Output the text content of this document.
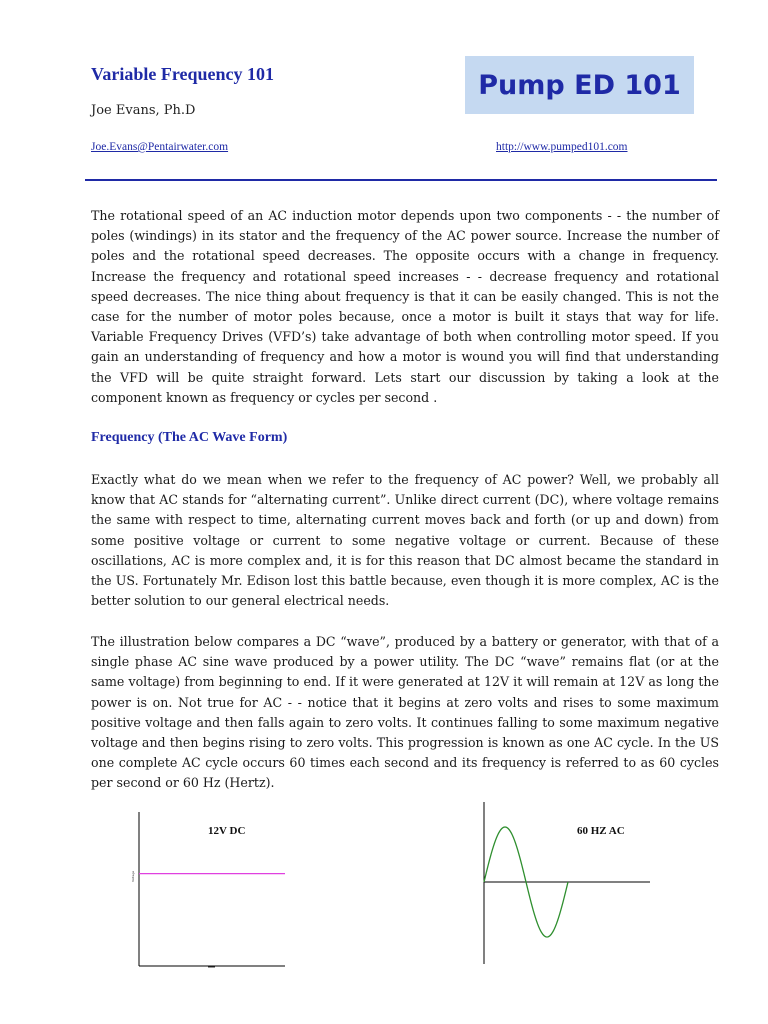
Variable Frequency 101
Joe Evans, Ph.D
Joe.Evans@Pentairwater.com	http://www.pumped101.com
Pump ED 101

The rotational speed of an AC induction motor depends upon two components - - the number of poles (windings) in its stator and the frequency of the AC power source. Increase the number of poles and the rotational speed decreases. The opposite occurs with a change in frequency. Increase the frequency and rotational speed increases - - decrease frequency and rotational speed decreases. The nice thing about frequency is that it can be easily changed. This is not the case for the number of motor poles because, once a motor is built it stays that way for life. Variable Frequency Drives (VFD’s) take advantage of both when controlling motor speed. If you gain an understanding of frequency and how a motor is wound you will find that understanding the VFD will be quite straight forward. Lets start our discussion by taking a look at the component known as frequency or cycles per second .

Frequency (The AC Wave Form)

Exactly what do we mean when we refer to the frequency of AC power? Well, we probably all know that AC stands for “alternating current”. Unlike direct current (DC), where voltage remains the same with respect to time, alternating current moves back and forth (or up and down) from some positive voltage or current to some negative voltage or current. Because of these oscillations, AC is more complex and, it is for this reason that DC almost became the standard in the US. Fortunately Mr. Edison lost this battle because, even though it is more complex, AC is the better solution to our general electrical needs.

The illustration below compares a DC “wave”, produced by a battery or generator, with that of a single phase AC sine wave produced by a power utility. The DC “wave” remains flat (or at the same voltage) from beginning to end. If it were generated at 12V it will remain at 12V as long the power is on. Not true for AC - - notice that it begins at zero volts and rises to some maximum positive voltage and then falls again to zero volts. It continues falling to some maximum negative voltage and then begins rising to zero volts. This progression is known as one AC cycle. In the US one complete AC cycle occurs 60 times each second and its frequency is referred to as 60 cycles per second or 60 Hz (Hertz).

12V DC
Voltage
60 HZ AC
